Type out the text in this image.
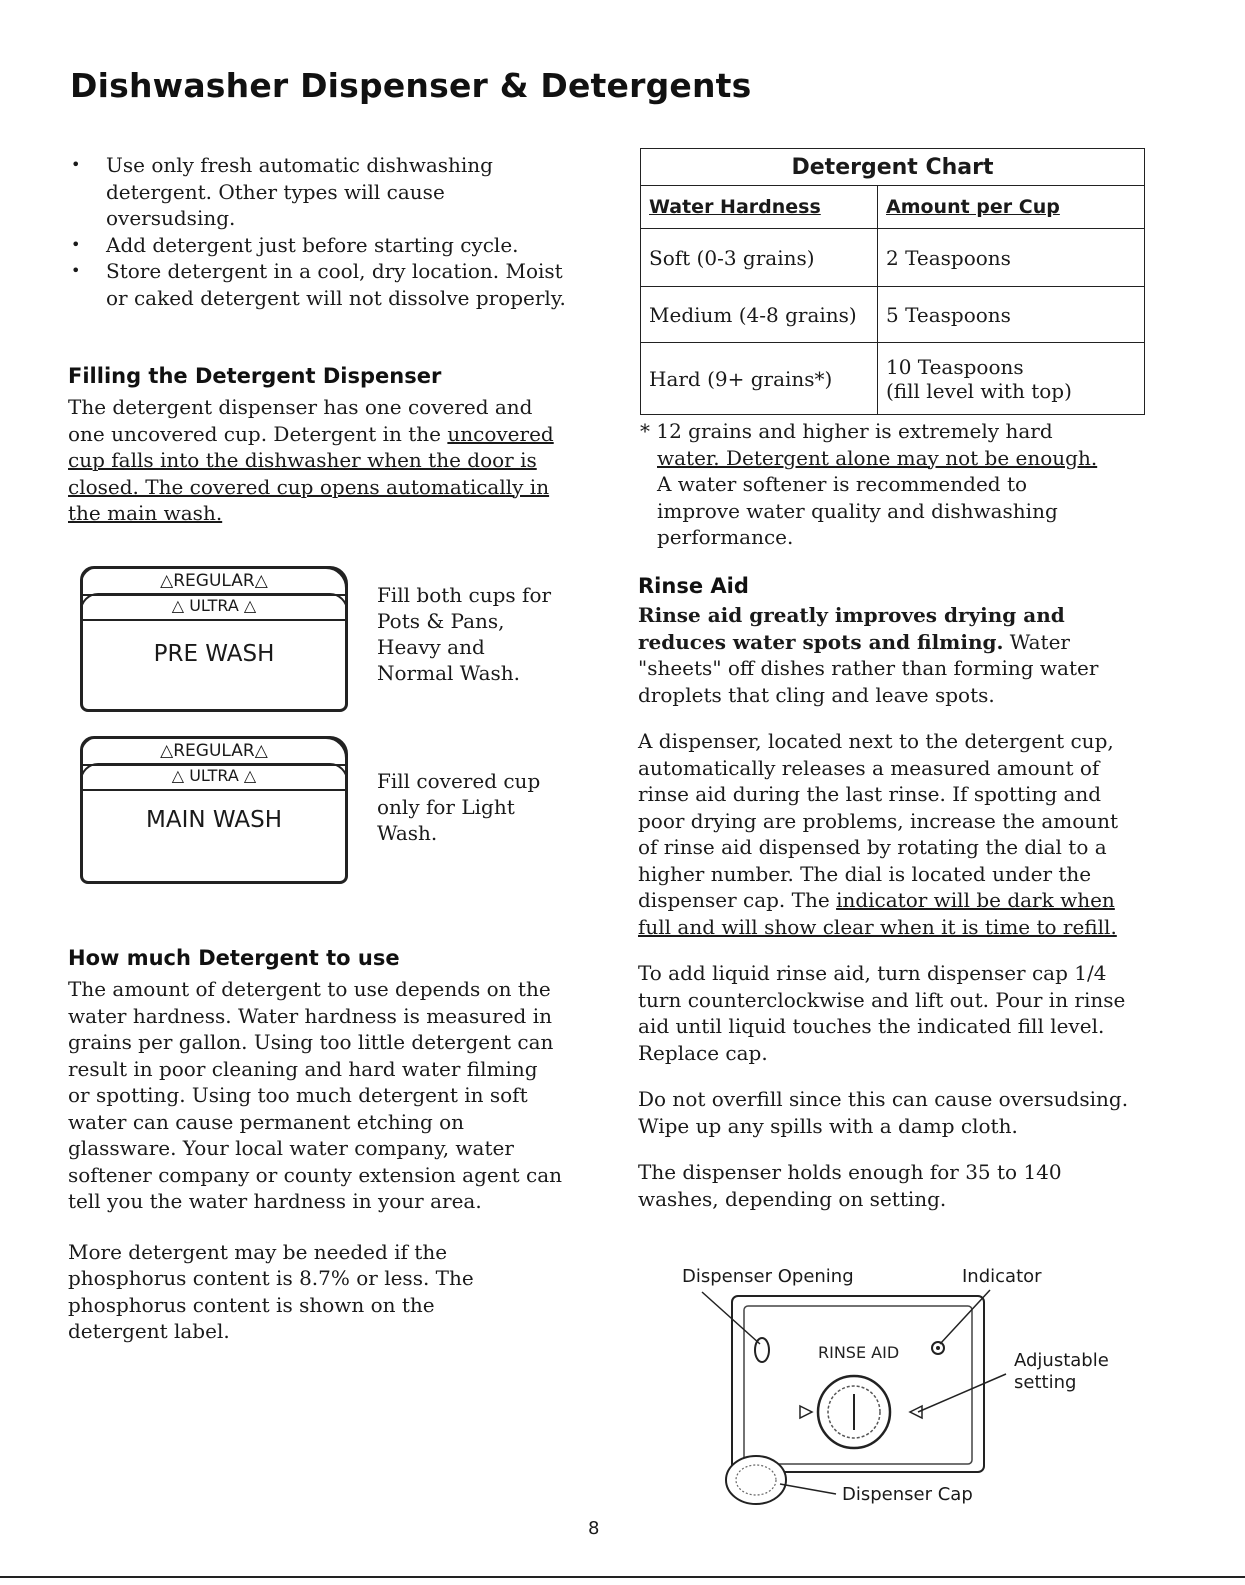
Dishwasher Dispenser & Detergents
• Use only fresh automatic dishwashing detergent. Other types will cause oversudsing.
• Add detergent just before starting cycle.
• Store detergent in a cool, dry location. Moist or caked detergent will not dissolve properly.
Filling the Detergent Dispenser

The detergent dispenser has one covered and one uncovered cup. Detergent in the uncovered cup falls into the dishwasher when the door is closed. The covered cup opens automatically in the main wash.

△REGULAR△
△ ULTRA △
PRE WASH
Fill both cups for Pots & Pans, Heavy and Normal Wash.
△REGULAR△
△ ULTRA △
MAIN WASH
Fill covered cup only for Light Wash.
How much Detergent to use

The amount of detergent to use depends on the water hardness. Water hardness is measured in grains per gallon. Using too little detergent can result in poor cleaning and hard water filming or spotting. Using too much detergent in soft water can cause permanent etching on glassware. Your local water company, water softener company or county extension agent can tell you the water hardness in your area.

More detergent may be needed if the phosphorus content is 8.7% or less. The phosphorus content is shown on the detergent label.

Detergent Chart	
Water Hardness	Amount per Cup
Soft (0-3 grains)	2 Teaspoons
Medium (4-8 grains)	5 Teaspoons
Hard (9+ grains*)	10 Teaspoons
(fill level with top)
* 12 grains and higher is extremely hard
water. Detergent alone may not be enough. A water softener is recommended to improve water quality and dishwashing performance.
Rinse Aid

Rinse aid greatly improves drying and reduces water spots and filming. Water "sheets" off dishes rather than forming water droplets that cling and leave spots.

A dispenser, located next to the detergent cup, automatically releases a measured amount of rinse aid during the last rinse. If spotting and poor drying are problems, increase the amount of rinse aid dispensed by rotating the dial to a higher number. The dial is located under the dispenser cap. The indicator will be dark when full and will show clear when it is time to refill.

To add liquid rinse aid, turn dispenser cap 1/4 turn counterclockwise and lift out. Pour in rinse aid until liquid touches the indicated fill level. Replace cap.

Do not overfill since this can cause oversudsing. Wipe up any spills with a damp cloth.

The dispenser holds enough for 35 to 140 washes, depending on setting.

Dispenser Opening	Indicator
Adjustable setting
Dispenser Cap
RINSE AID
8
